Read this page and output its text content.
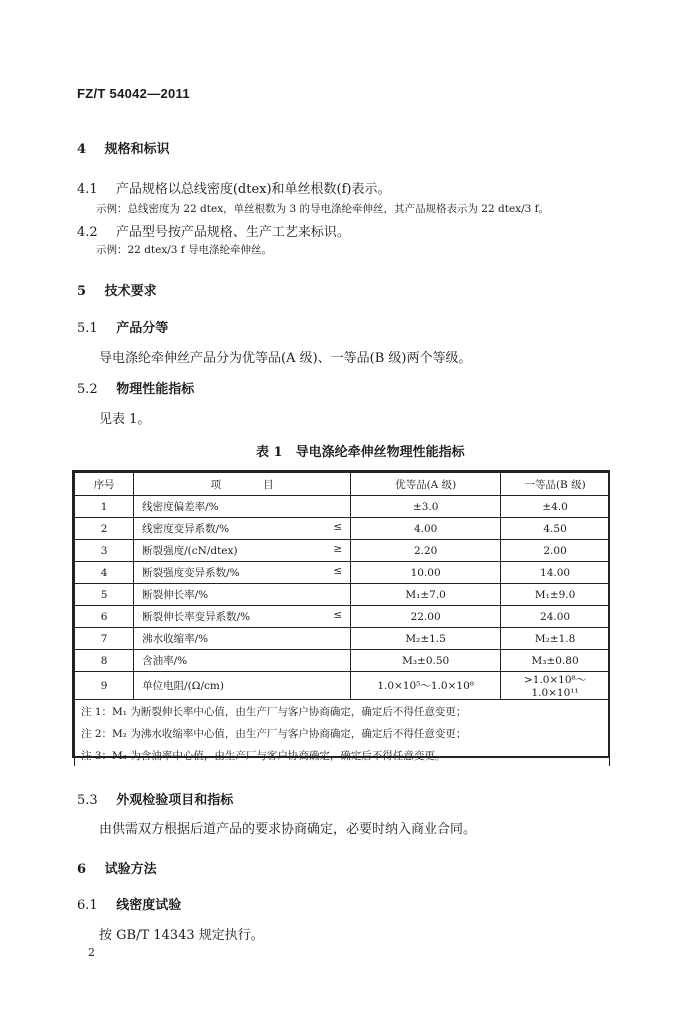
FZ/T 54042—2011
4 规格和标识
4.1 产品规格以总线密度(dtex)和单丝根数(f)表示。
示例：总线密度为 22 dtex，单丝根数为 3 的导电涤纶牵伸丝，其产品规格表示为 22 dtex/3 f。
4.2 产品型号按产品规格、生产工艺来标识。
示例：22 dtex/3 f 导电涤纶牵伸丝。
5 技术要求
5.1 产品分等
导电涤纶牵伸丝产品分为优等品(A 级)、一等品(B 级)两个等级。
5.2 物理性能指标
见表 1。
表 1　导电涤纶牵伸丝物理性能指标
序号	项　　　　目	优等品(A 级)	一等品(B 级)
1	线密度偏差率/%	±3.0	±4.0
2	线密度变异系数/% ≤	4.00	4.50
3	断裂强度/(cN/dtex) ≥	2.20	2.00
4	断裂强度变异系数/% ≤	10.00	14.00
5	断裂伸长率/%	M₁±7.0	M₁±9.0
6	断裂伸长率变异系数/% ≤	22.00	24.00
7	沸水收缩率/%	M₂±1.5	M₂±1.8
8	含油率/%	M₃±0.50	M₃±0.80
9	单位电阻/(Ω/cm)	1.0×10⁵～1.0×10⁸	>1.0×10⁸～1.0×10¹¹
注 1：M₁ 为断裂伸长率中心值，由生产厂与客户协商确定，确定后不得任意变更；			
注 2：M₂ 为沸水收缩率中心值，由生产厂与客户协商确定，确定后不得任意变更；			
注 3：M₃ 为含油率中心值，由生产厂与客户协商确定，确定后不得任意变更。			
5.3 外观检验项目和指标
由供需双方根据后道产品的要求协商确定，必要时纳入商业合同。
6 试验方法
6.1 线密度试验
按 GB/T 14343 规定执行。
2
